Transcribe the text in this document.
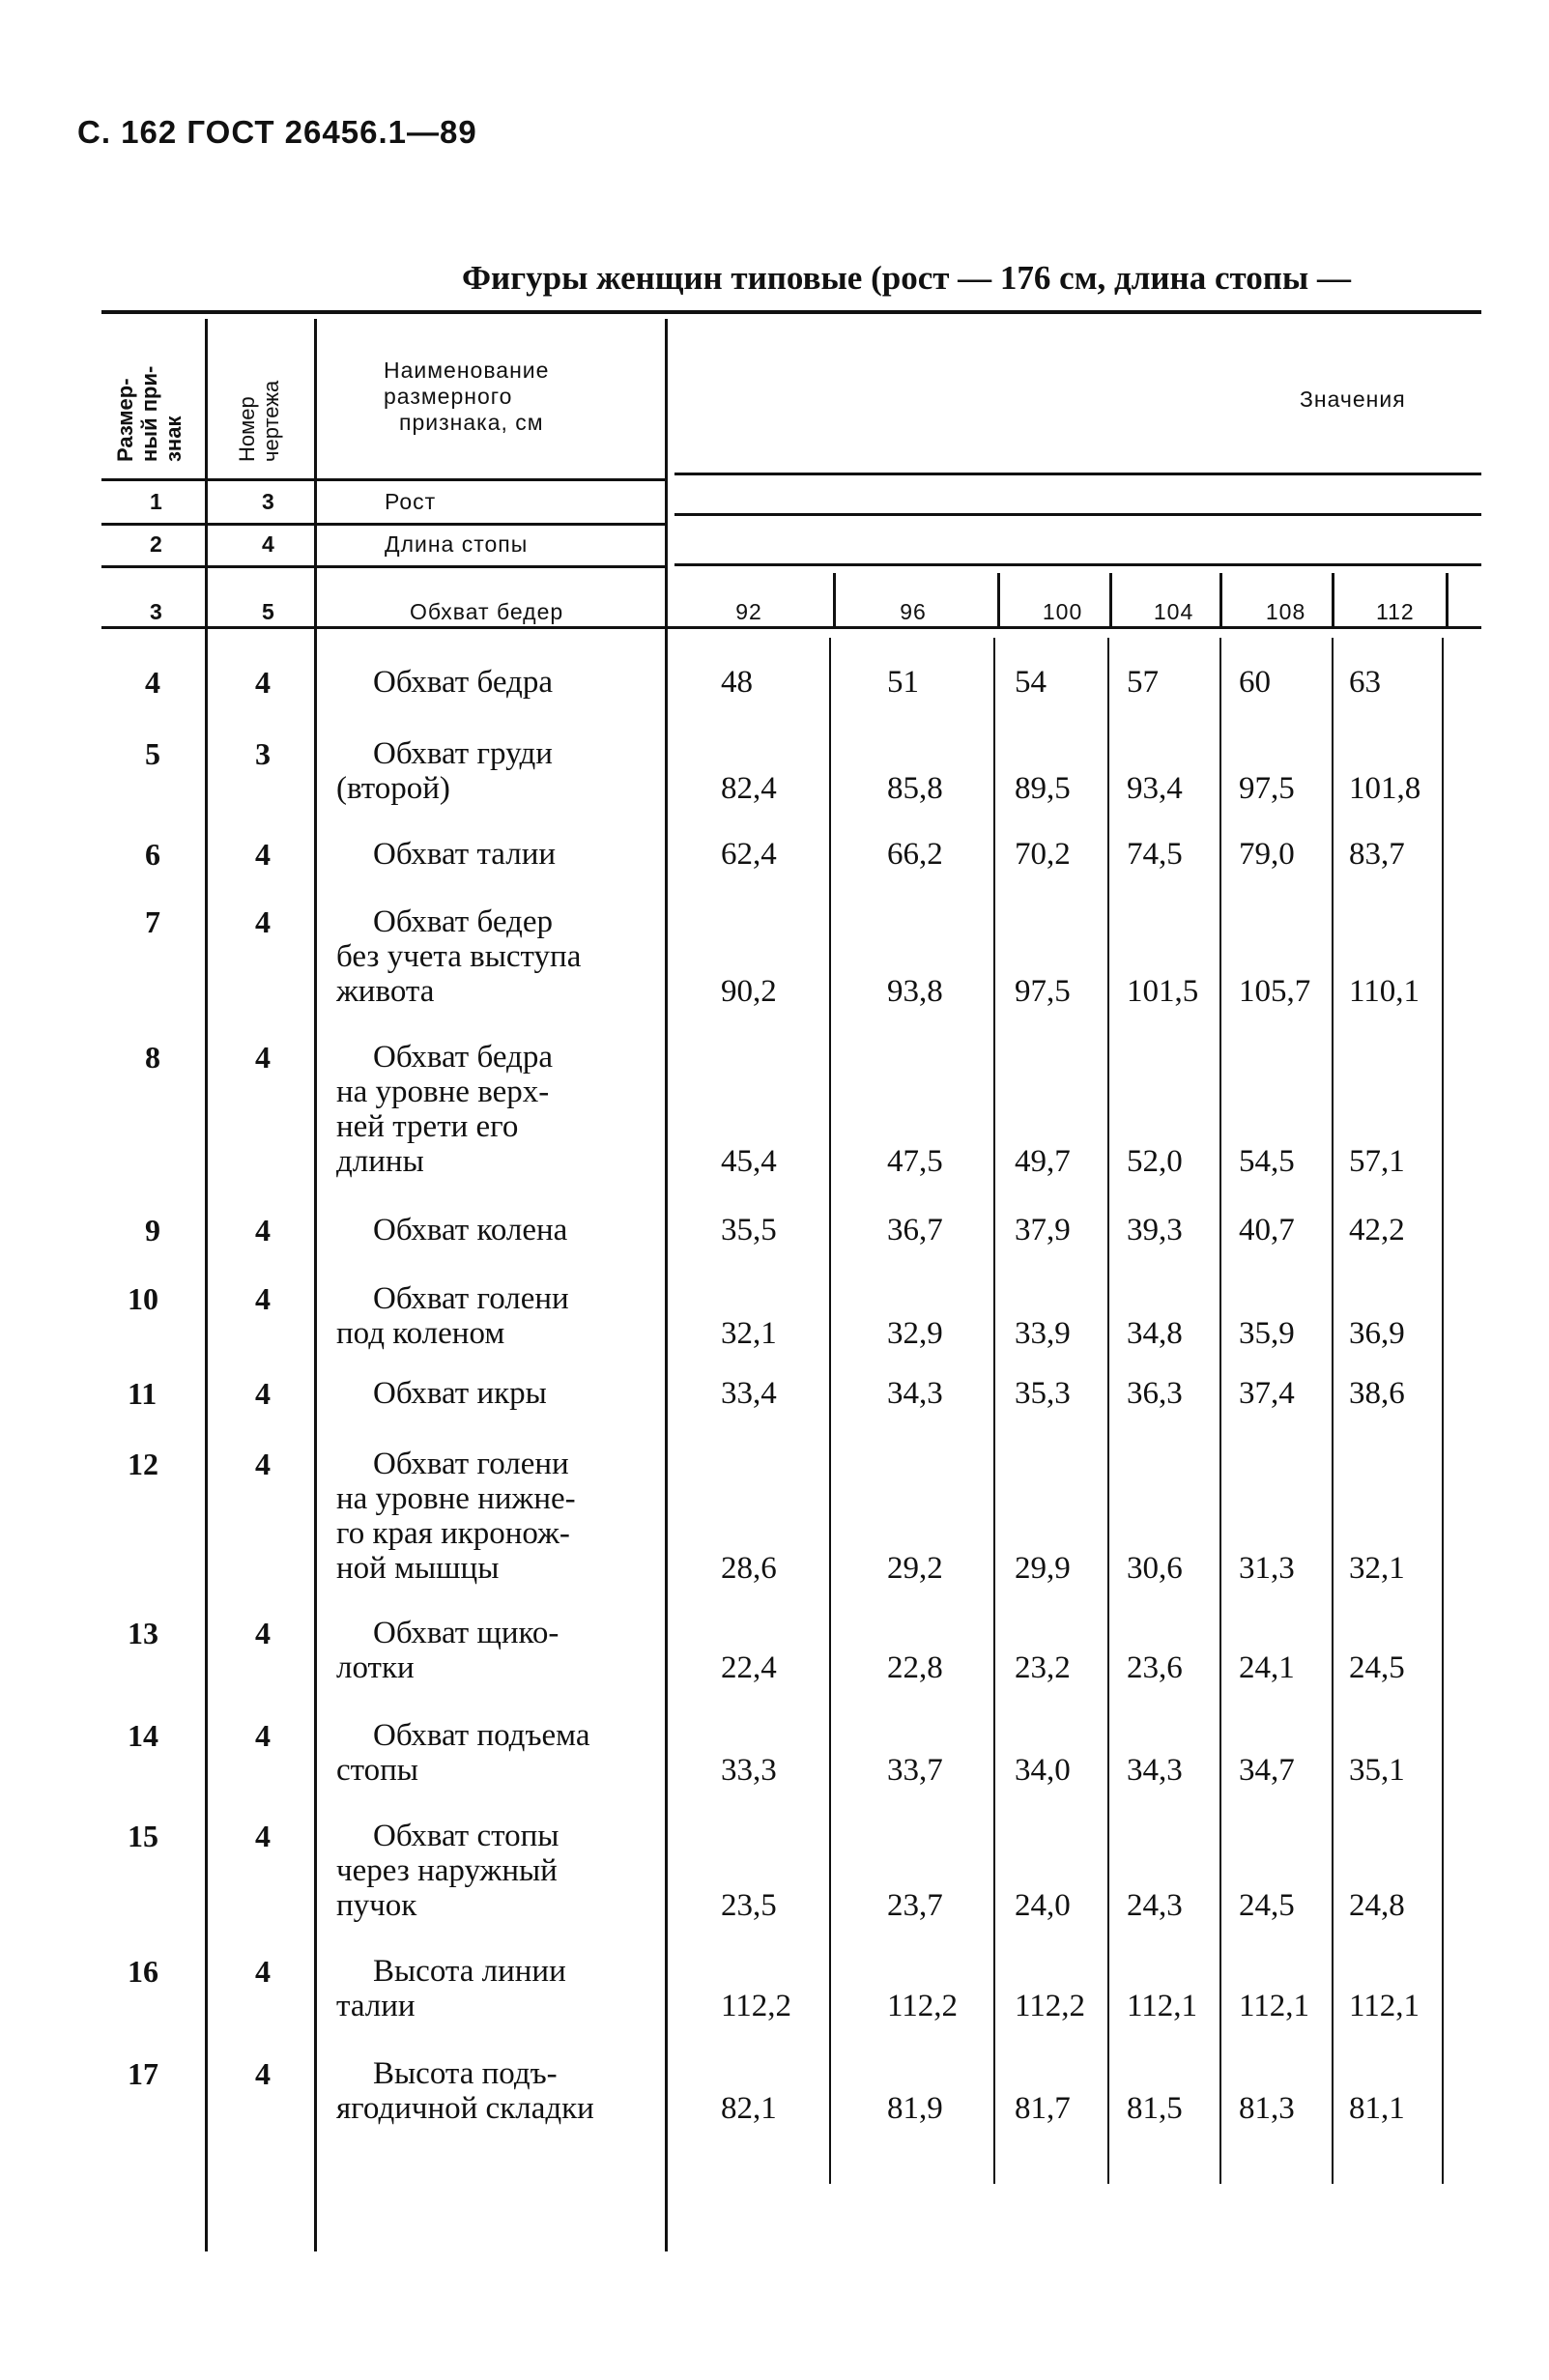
С. 162 ГОСТ 26456.1—89
Фигуры женщин типовые (рост — 176 см, длина стопы —
Размер- ный при- знак Номер чертежа
Наименование
размерного
признака, см
Значения
1	3	Рост
2	4	Длина стопы
3	5	Обхват бедер	92	96	100	104	108	112
4	4	Обхват бедра	48	51	54	57	60 63
5	3	Обхват груди
(второй)	82,4	85,8 89,5 93,4 97,5 101,8
6	4	Обхват талии	62,4	66,2 70,2 74,5 79,0 83,7
7	4	Обхват бедер
без учета выступа
живота	90,2	93,8 97,5 101,5 105,7 110,1
8	4	Обхват бедра
на уровне верх-
ней трети его
длины	45,4	47,5 49,7 52,0 54,5 57,1
9	4	Обхват колена	35,5	36,7 37,9 39,3 40,7 42,2
10	4	Обхват голени
под коленом	32,1	32,9 33,9 34,8 35,9 36,9
11	4	Обхват икры	33,4	34,3 35,3 36,3 37,4 38,6
12	4	Обхват голени
на уровне нижне-
го края икронож-
ной мышцы	28,6	29,2 29,9 30,6 31,3 32,1
13	4	Обхват щико-
лотки	22,4	22,8 23,2 23,6 24,1 24,5
14	4	Обхват подъема
стопы	33,3	33,7 34,0 34,3 34,7 35,1
15	4	Обхват стопы
через наружный
пучок	23,5	23,7 24,0 24,3 24,5 24,8
16	4	Высота линии
талии	112,2	112,2 112,2 112,1 112,1 112,1
17	4	Высота подъ-
ягодичной складки	82,1	81,9 81,7 81,5 81,3 81,1
